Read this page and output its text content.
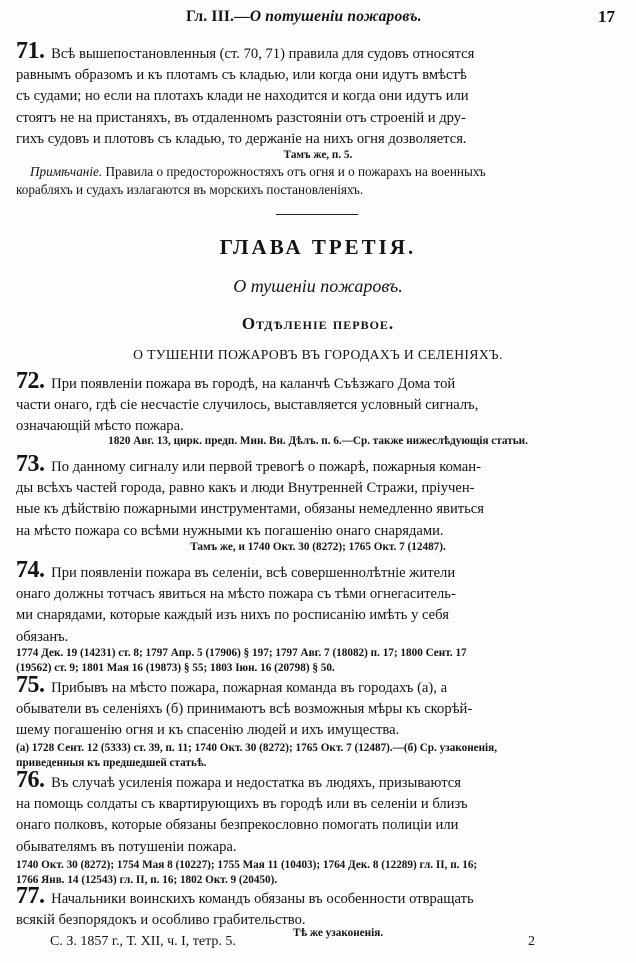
Гл. III.—О потушеніи пожаровъ.	17
71. Всѣ вышепостановленныя (ст. 70, 71) правила для судовъ относятся
равнымъ образомъ и къ плотамъ съ кладью, или когда они идутъ вмѣстѣ
съ судами; но если на плотахъ клади не находится и когда они идутъ или
стоятъ не на пристаняхъ, въ отдаленномъ разстояніи отъ строеній и дру-
гихъ судовъ и плотовъ съ кладью, то держаніе на нихъ огня дозволяется.
Тамъ же, п. 5.
Примѣчаніе. Правила о предосторожностяхъ отъ огня и о пожарахъ на военныхъ
корабляхъ и судахъ излагаются въ морскихъ постановленіяхъ.
ГЛАВА ТРЕТІЯ.
О тушеніи пожаровъ.
Отдѣленіе первое.
О ТУШЕНІИ ПОЖАРОВЪ ВЪ ГОРОДАХЪ И СЕЛЕНІЯХЪ.
72. При появленіи пожара въ городѣ, на каланчѣ Съѣзжаго Дома той
части онаго, гдѣ сіе несчастіе случилось, выставляется условный сигналъ,
означающій мѣсто пожара.
1820 Авг. 13, цирк. предп. Мин. Вн. Дѣлъ. п. 6.—Ср. также нижеслѣдующія статьи.
73. По данному сигналу или первой тревогѣ о пожарѣ, пожарныя коман-
ды всѣхъ частей города, равно какъ и люди Внутренней Стражи, пріучен-
ные къ дѣйствію пожарными инструментами, обязаны немедленно явиться
на мѣсто пожара со всѣми нужными къ погашенію онаго снарядами.
Тамъ же, и 1740 Окт. 30 (8272); 1765 Окт. 7 (12487).
74. При появленіи пожара въ селеніи, всѣ совершеннолѣтніе жители
онаго должны тотчасъ явиться на мѣсто пожара съ тѣми огнегаситель-
ми снарядами, которые каждый изъ нихъ по росписанію имѣть у себя
обязанъ.
1774 Дек. 19 (14231) ст. 8; 1797 Апр. 5 (17906) § 197; 1797 Авг. 7 (18082) п. 17; 1800 Сент. 17
(19562) ст. 9; 1801 Мая 16 (19873) § 55; 1803 Іюн. 16 (20798) § 50.
75. Прибывъ на мѣсто пожара, пожарная команда въ городахъ (а), а
обыватели въ селеніяхъ (б) принимаютъ всѣ возможныя мѣры къ скорѣй-
шему погашенію огня и къ спасенію людей и ихъ имущества.
(а) 1728 Сент. 12 (5333) ст. 39, п. 11; 1740 Окт. 30 (8272); 1765 Окт. 7 (12487).—(б) Ср. узаконенія,
приведенныя къ предшедшей статьѣ.
76. Въ случаѣ усиленія пожара и недостатка въ людяхъ, призываются
на помощь солдаты съ квартирующихъ въ городѣ или въ селеніи и близъ
онаго полковъ, которые обязаны безпрекословно помогать полиціи или
обывателямъ въ потушеніи пожара.
1740 Окт. 30 (8272); 1754 Мая 8 (10227); 1755 Мая 11 (10403); 1764 Дек. 8 (12289) гл. II, п. 16;
1766 Янв. 14 (12543) гл. II, п. 16; 1802 Окт. 9 (20450).
77. Начальники воинскихъ командъ обязаны въ особенности отвращать
всякій безпорядокъ и особливо грабительство.
Тѣ же узаконенія.
С. З. 1857 г., Т. XII, ч. I, тетр. 5.	2
